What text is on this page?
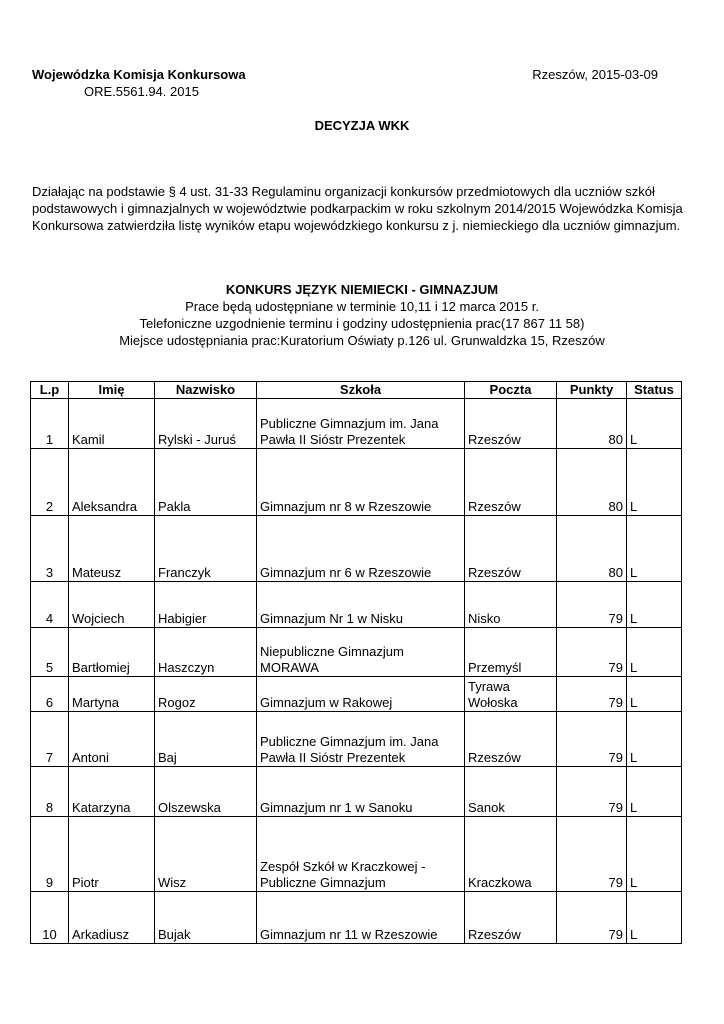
Wojewódzka Komisja Konkursowa
ORE.5561.94. 2015
Rzeszów, 2015-03-09
DECYZJA WKK
Działając na podstawie § 4 ust. 31-33 Regulaminu organizacji konkursów przedmiotowych dla uczniów szkół podstawowych i gimnazjalnych w województwie podkarpackim w roku szkolnym 2014/2015 Wojewódzka Komisja Konkursowa zatwierdziła listę wyników etapu wojewódzkiego konkursu z j. niemieckiego dla uczniów gimnazjum.
KONKURS JĘZYK NIEMIECKI - GIMNAZJUM
Prace będą udostępniane w terminie 10,11 i 12 marca 2015 r.
Telefoniczne uzgodnienie terminu i godziny udostępnienia prac(17 867 11 58)
Miejsce udostępniania prac:Kuratorium Oświaty p.126 ul. Grunwaldzka 15, Rzeszów
L.p	Imię	Nazwisko	Szkoła	Poczta	Punkty	Status
1	Kamil	Rylski - Juruś	Publiczne Gimnazjum im. Jana Pawła II Sióstr Prezentek	Rzeszów	80	L
2	Aleksandra	Pakla	Gimnazjum nr 8 w Rzeszowie	Rzeszów	80	L
3	Mateusz	Franczyk	Gimnazjum nr 6 w Rzeszowie	Rzeszów	80	L
4	Wojciech	Habigier	Gimnazjum Nr 1 w Nisku	Nisko	79	L
5	Bartłomiej	Haszczyn	Niepubliczne Gimnazjum MORAWA	Przemyśl	79	L
6	Martyna	Rogoz	Gimnazjum w Rakowej	Tyrawa Wołoska	79	L
7	Antoni	Baj	Publiczne Gimnazjum im. Jana Pawła II Sióstr Prezentek	Rzeszów	79	L
8	Katarzyna	Olszewska	Gimnazjum nr 1 w Sanoku	Sanok	79	L
9	Piotr	Wisz	Zespół Szkół w Kraczkowej - Publiczne Gimnazjum	Kraczkowa	79	L
10	Arkadiusz	Bujak	Gimnazjum nr 11 w Rzeszowie	Rzeszów	79	L
